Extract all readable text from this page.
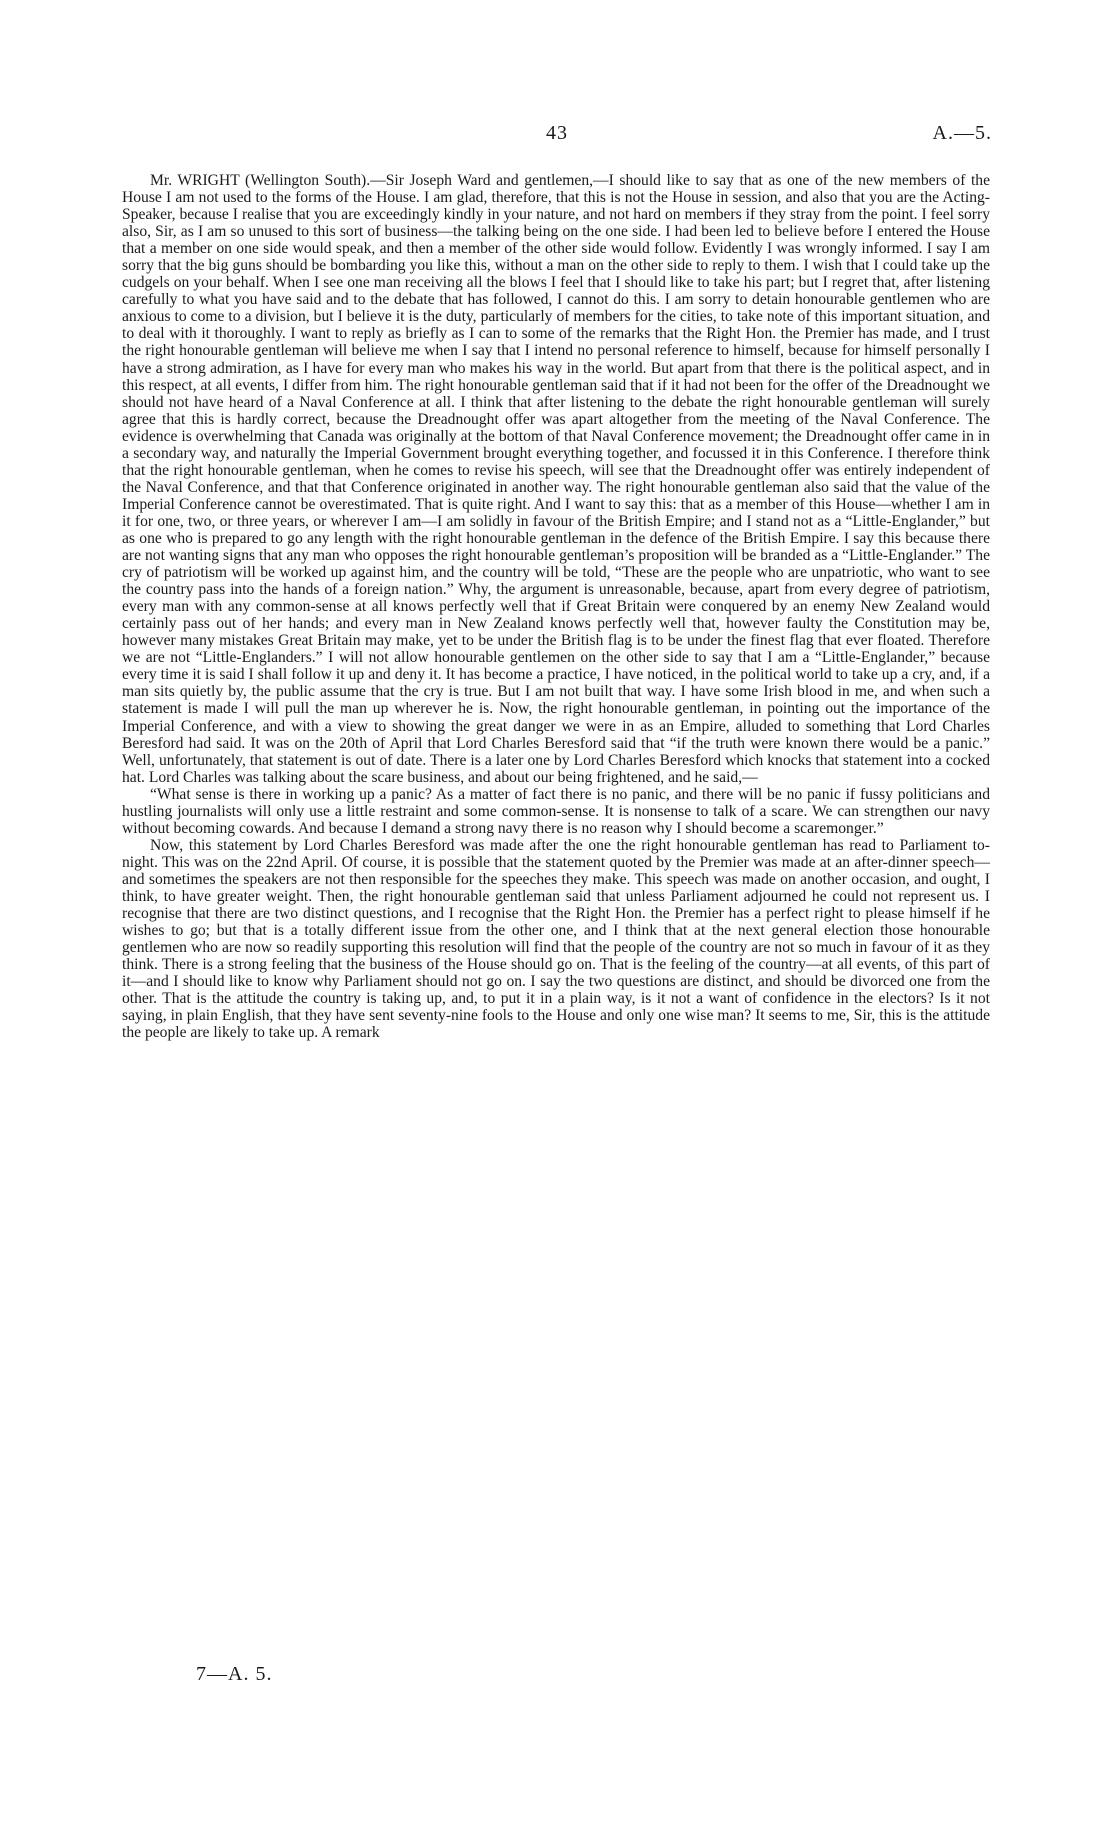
43	A.—5.

Mr. WRIGHT (Wellington South).—Sir Joseph Ward and gentlemen,—I should like to say that as one of the new members of the House I am not used to the forms of the House. I am glad, therefore, that this is not the House in session, and also that you are the Acting-Speaker, because I realise that you are exceedingly kindly in your nature, and not hard on members if they stray from the point. I feel sorry also, Sir, as I am so unused to this sort of business—the talking being on the one side. I had been led to believe before I entered the House that a member on one side would speak, and then a member of the other side would follow. Evidently I was wrongly informed. I say I am sorry that the big guns should be bombarding you like this, without a man on the other side to reply to them. I wish that I could take up the cudgels on your behalf. When I see one man receiving all the blows I feel that I should like to take his part; but I regret that, after listening carefully to what you have said and to the debate that has followed, I cannot do this. I am sorry to detain honourable gentlemen who are anxious to come to a division, but I believe it is the duty, particularly of members for the cities, to take note of this important situation, and to deal with it thoroughly. I want to reply as briefly as I can to some of the remarks that the Right Hon. the Premier has made, and I trust the right honourable gentleman will believe me when I say that I intend no personal reference to himself, because for himself personally I have a strong admiration, as I have for every man who makes his way in the world. But apart from that there is the political aspect, and in this respect, at all events, I differ from him. The right honourable gentleman said that if it had not been for the offer of the Dreadnought we should not have heard of a Naval Conference at all. I think that after listening to the debate the right honourable gentleman will surely agree that this is hardly correct, because the Dreadnought offer was apart altogether from the meeting of the Naval Conference. The evidence is overwhelming that Canada was originally at the bottom of that Naval Conference movement; the Dreadnought offer came in in a secondary way, and naturally the Imperial Government brought everything together, and focussed it in this Conference. I therefore think that the right honourable gentleman, when he comes to revise his speech, will see that the Dreadnought offer was entirely independent of the Naval Conference, and that that Conference originated in another way. The right honourable gentleman also said that the value of the Imperial Conference cannot be overestimated. That is quite right. And I want to say this: that as a member of this House—whether I am in it for one, two, or three years, or wherever I am—I am solidly in favour of the British Empire; and I stand not as a “Little-Englander,” but as one who is prepared to go any length with the right honourable gentleman in the defence of the British Empire. I say this because there are not wanting signs that any man who opposes the right honourable gentleman’s proposition will be branded as a “Little-Englander.” The cry of patriotism will be worked up against him, and the country will be told, “These are the people who are unpatriotic, who want to see the country pass into the hands of a foreign nation.” Why, the argument is unreasonable, because, apart from every degree of patriotism, every man with any common-sense at all knows perfectly well that if Great Britain were conquered by an enemy New Zealand would certainly pass out of her hands; and every man in New Zealand knows perfectly well that, however faulty the Constitution may be, however many mistakes Great Britain may make, yet to be under the British flag is to be under the finest flag that ever floated. Therefore we are not “Little-Englanders.” I will not allow honourable gentlemen on the other side to say that I am a “Little-Englander,” because every time it is said I shall follow it up and deny it. It has become a practice, I have noticed, in the political world to take up a cry, and, if a man sits quietly by, the public assume that the cry is true. But I am not built that way. I have some Irish blood in me, and when such a statement is made I will pull the man up wherever he is. Now, the right honourable gentleman, in pointing out the importance of the Imperial Conference, and with a view to showing the great danger we were in as an Empire, alluded to something that Lord Charles Beresford had said. It was on the 20th of April that Lord Charles Beresford said that “if the truth were known there would be a panic.” Well, unfortunately, that statement is out of date. There is a later one by Lord Charles Beresford which knocks that statement into a cocked hat. Lord Charles was talking about the scare business, and about our being frightened, and he said,—

“What sense is there in working up a panic? As a matter of fact there is no panic, and there will be no panic if fussy politicians and hustling journalists will only use a little restraint and some common-sense. It is nonsense to talk of a scare. We can strengthen our navy without becoming cowards. And because I demand a strong navy there is no reason why I should become a scaremonger.”

Now, this statement by Lord Charles Beresford was made after the one the right honourable gentleman has read to Parliament to-night. This was on the 22nd April. Of course, it is possible that the statement quoted by the Premier was made at an after-dinner speech—and sometimes the speakers are not then responsible for the speeches they make. This speech was made on another occasion, and ought, I think, to have greater weight. Then, the right honourable gentleman said that unless Parliament adjourned he could not represent us. I recognise that there are two distinct questions, and I recognise that the Right Hon. the Premier has a perfect right to please himself if he wishes to go; but that is a totally different issue from the other one, and I think that at the next general election those honourable gentlemen who are now so readily supporting this resolution will find that the people of the country are not so much in favour of it as they think. There is a strong feeling that the business of the House should go on. That is the feeling of the country—at all events, of this part of it—and I should like to know why Parliament should not go on. I say the two questions are distinct, and should be divorced one from the other. That is the attitude the country is taking up, and, to put it in a plain way, is it not a want of confidence in the electors? Is it not saying, in plain English, that they have sent seventy-nine fools to the House and only one wise man? It seems to me, Sir, this is the attitude the people are likely to take up. A remark

7—A. 5.
